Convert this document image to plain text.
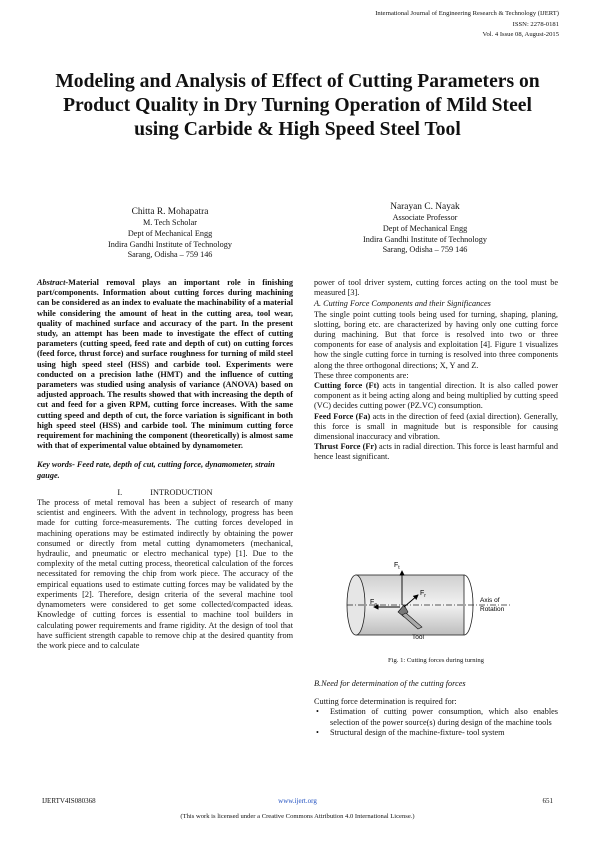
International Journal of Engineering Research & Technology (IJERT)
ISSN: 2278-0181
Vol. 4 Issue 08, August-2015
Modeling and Analysis of Effect of Cutting Parameters on Product Quality in Dry Turning Operation of Mild Steel using Carbide & High Speed Steel Tool
Chitta R. Mohapatra
M. Tech Scholar
Dept of Mechanical Engg
Indira Gandhi Institute of Technology
Sarang, Odisha – 759 146
Narayan C. Nayak
Associate Professor
Dept of Mechanical Engg
Indira Gandhi Institute of Technology
Sarang, Odisha – 759 146

Abstract-Material removal plays an important role in finishing part/components. Information about cutting forces during machining can be considered as an index to evaluate the machinability of a material while considering the amount of heat in the cutting area, tool wear, quality of machined surface and accuracy of the part. In the present study, an attempt has been made to investigate the effect of cutting parameters (cutting speed, feed rate and depth of cut) on cutting forces (feed force, thrust force) and surface roughness for turning of mild steel using high speed steel (HSS) and carbide tool. Experiments were conducted on a precision lathe (HMT) and the influence of cutting parameters was studied using analysis of variance (ANOVA) based on adjusted approach. The results showed that with increasing the depth of cut and feed for a given RPM, cutting force increases. With the same cutting speed and depth of cut, the force variation is significant in both high speed steel (HSS) and carbide tool. The minimum cutting force requirement for machining the component (theoretically) is almost same with that of experimental value obtained by dynamometer.

Key words- Feed rate, depth of cut, cutting force, dynamometer, strain gauge.

I.	INTRODUCTION

The process of metal removal has been a subject of research of many scientist and engineers. With the advent in technology, progress has been made for cutting force-measurements. The cutting forces developed in machining operations may be estimated indirectly by obtaining the power consumed or directly from metal cutting dynamometers (mechanical, hydraulic, and pneumatic or electro mechanical type) [1]. Due to the complexity of the metal cutting process, theoretical calculation of the forces necessitated for removing the chip from work piece. The accuracy of the empirical equations used to estimate cutting forces may be validated by the experiments [2]. Therefore, design criteria of the several machine tool dynamometers were considered to get some collected/compacted ideas. Knowledge of cutting forces is essential to machine tool builders in calculating power requirements and frame rigidity. At the design of tool that have sufficient strength capable to remove chip at the desired quantity from the work piece and to calculate

power of tool driver system, cutting forces acting on the tool must be measured [3].

A. Cutting Force Components and their Significances

The single point cutting tools being used for turning, shaping, planing, slotting, boring etc. are characterized by having only one cutting force during machining. But that force is resolved into two or three components for ease of analysis and exploitation [4]. Figure 1 visualizes how the single cutting force in turning is resolved into three components along the three orthogonal directions; X, Y and Z.

These three components are:

Cutting force (Ft) acts in tangential direction. It is also called power component as it being acting along and being multiplied by cutting speed (VC) decides cutting power (PZ.VC) consumption.

Feed Force (Fa) acts in the direction of feed (axial direction). Generally, this force is small in magnitude but is responsible for causing dimensional inaccuracy and vibration.

Thrust Force (Fr) acts in radial direction. This force is least harmful and hence least significant.

$F_t$
$F_a$
$F_r$
Tool
Axis of
Rotation
Fig. 1: Cutting forces during turning

B.Need for determination of the cutting forces

Cutting force determination is required for:

• Estimation of cutting power consumption, which also enables selection of the power source(s) during design of the machine tools
• Structural design of the machine-fixture- tool system
IJERTV4IS080368	www.ijert.org	651
(This work is licensed under a Creative Commons Attribution 4.0 International License.)
